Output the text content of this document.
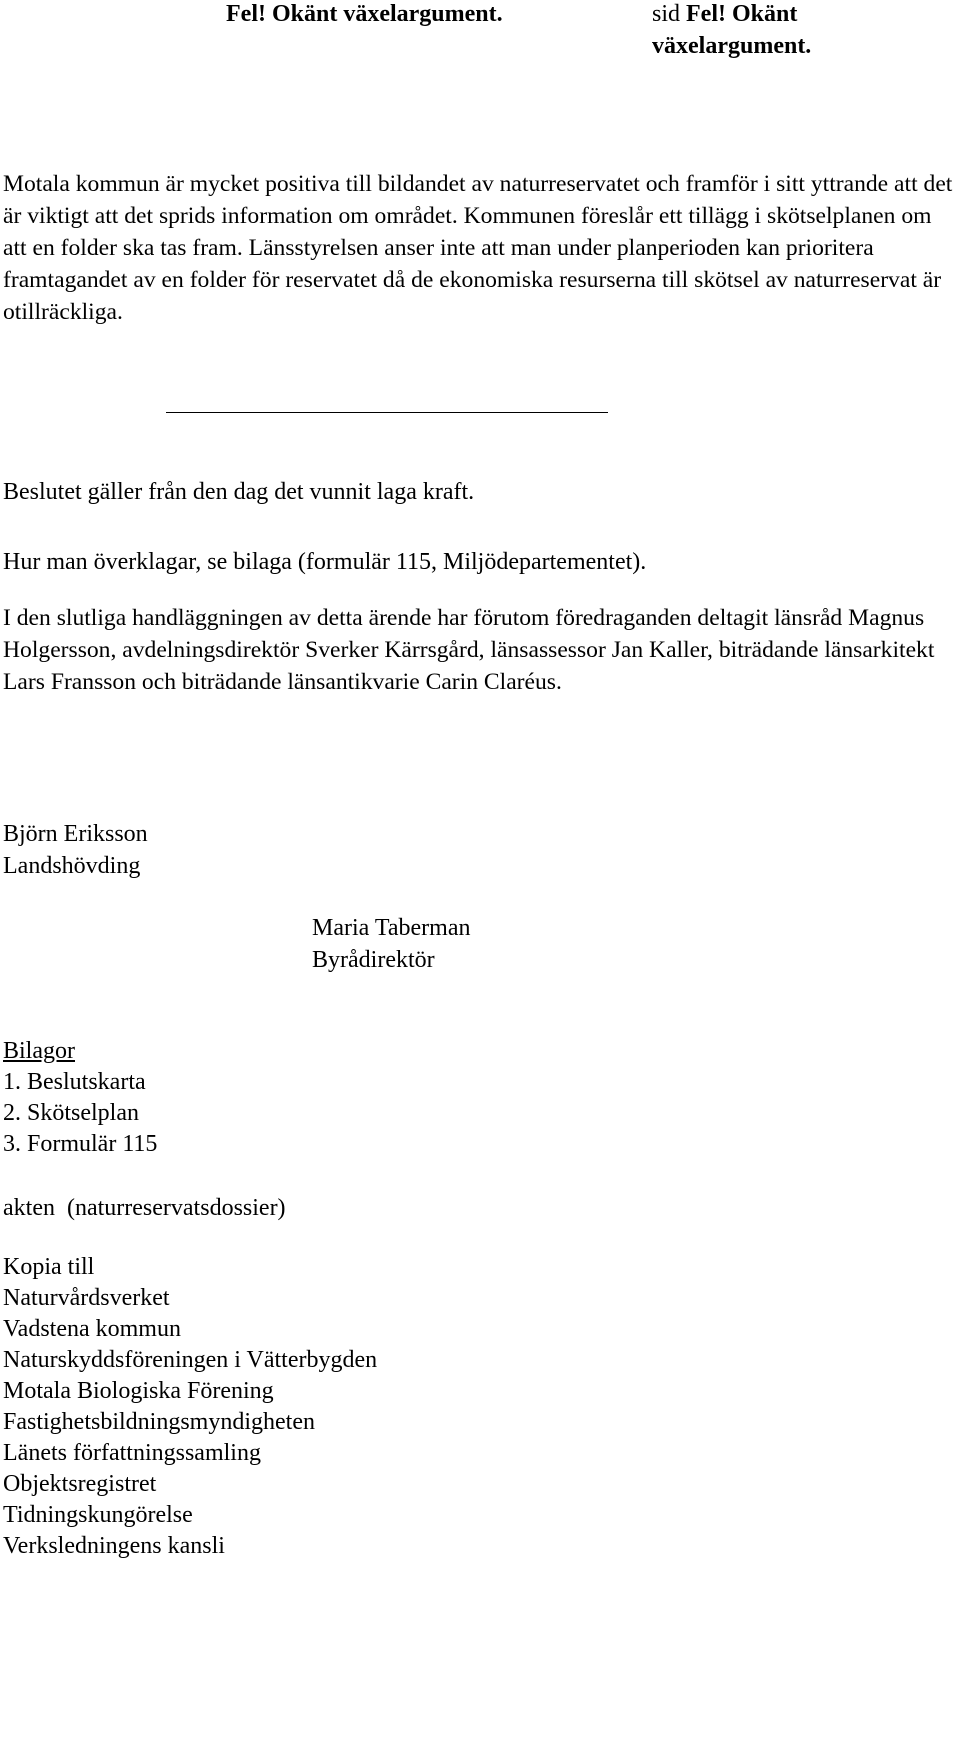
Fel! Okänt växelargument.	sid Fel! Okänt växelargument.

Motala kommun är mycket positiva till bildandet av naturreservatet och framför i sitt yttrande att det är viktigt att det sprids information om området. Kommunen föreslår ett tillägg i skötselplanen om att en folder ska tas fram. Länsstyrelsen anser inte att man under planperioden kan prioritera framtagandet av en folder för reservatet då de ekonomiska resurserna till skötsel av naturreservat är otillräckliga.

Beslutet gäller från den dag det vunnit laga kraft.

Hur man överklagar, se bilaga (formulär 115, Miljödepartementet).

I den slutliga handläggningen av detta ärende har förutom föredraganden deltagit länsråd Magnus Holgersson, avdelningsdirektör Sverker Kärrsgård, länsassessor Jan Kaller, biträdande länsarkitekt Lars Fransson och biträdande länsantikvarie Carin Claréus.

Björn Eriksson
Landshövding
Maria Taberman
Byrådirektör
Bilagor
1. Beslutskarta
2. Skötselplan
3. Formulär 115
akten  (naturreservatsdossier)
Kopia till
Naturvårdsverket
Vadstena kommun
Naturskyddsföreningen i Vätterbygden
Motala Biologiska Förening
Fastighetsbildningsmyndigheten
Länets författningssamling
Objektsregistret
Tidningskungörelse
Verksledningens kansli
